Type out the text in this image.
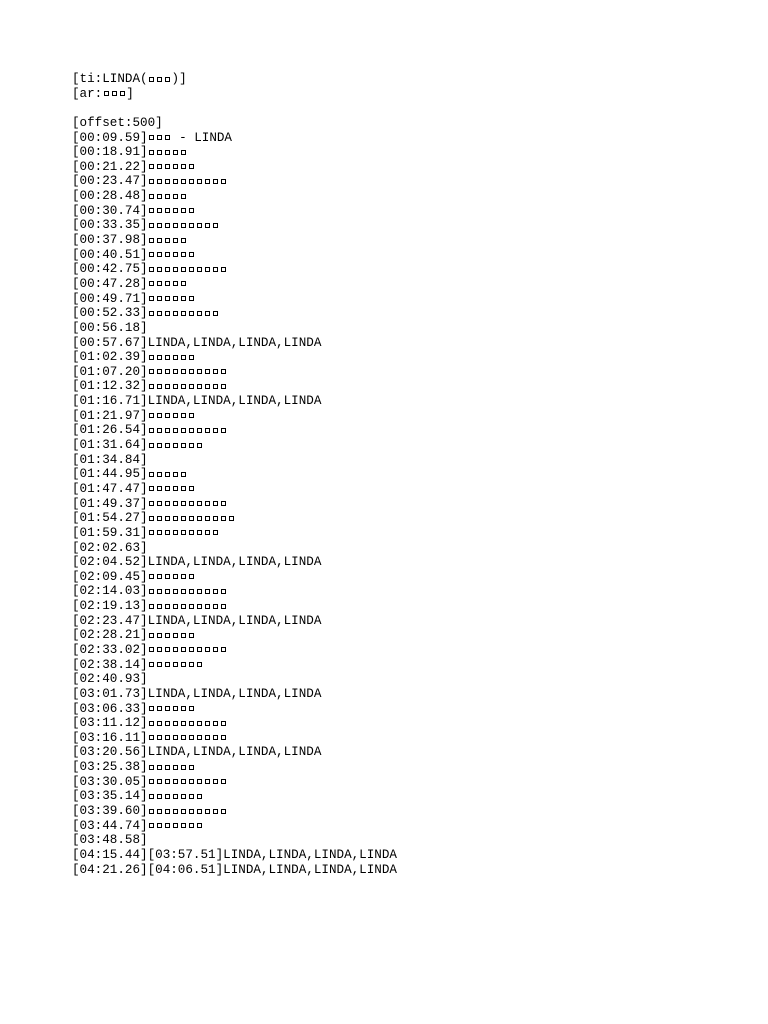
[ti:LINDA( )]
[ar: ]
[offset:500]
[00:09.59] - LINDA
[00:18.91]
[00:21.22]
[00:23.47]
[00:28.48]
[00:30.74]
[00:33.35]
[00:37.98]
[00:40.51]
[00:42.75]
[00:47.28]
[00:49.71]
[00:52.33]
[00:56.18]
[00:57.67]LINDA,LINDA,LINDA,LINDA
[01:02.39]
[01:07.20]
[01:12.32]
[01:16.71]LINDA,LINDA,LINDA,LINDA
[01:21.97]
[01:26.54]
[01:31.64]
[01:34.84]
[01:44.95]
[01:47.47]
[01:49.37]
[01:54.27]
[01:59.31]
[02:02.63]
[02:04.52]LINDA,LINDA,LINDA,LINDA
[02:09.45]
[02:14.03]
[02:19.13]
[02:23.47]LINDA,LINDA,LINDA,LINDA
[02:28.21]
[02:33.02]
[02:38.14]
[02:40.93]
[03:01.73]LINDA,LINDA,LINDA,LINDA
[03:06.33]
[03:11.12]
[03:16.11]
[03:20.56]LINDA,LINDA,LINDA,LINDA
[03:25.38]
[03:30.05]
[03:35.14]
[03:39.60]
[03:44.74]
[03:48.58]
[04:15.44][03:57.51]LINDA,LINDA,LINDA,LINDA
[04:21.26][04:06.51]LINDA,LINDA,LINDA,LINDA
